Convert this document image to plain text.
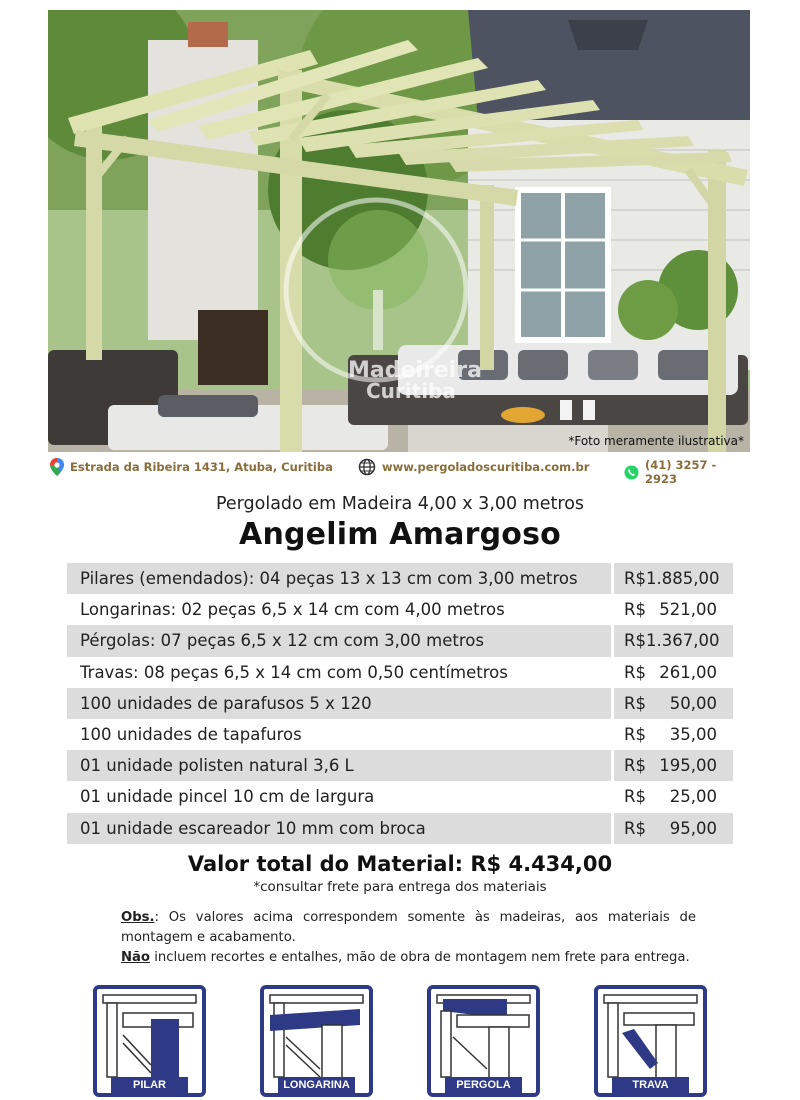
Madeireira
Curitiba
*Foto meramente ilustrativa*
Estrada da Ribeira 1431, Atuba, Curitiba	www.pergoladoscuritiba.com.br	(41) 3257 - 2923
Pergolado em Madeira 4,00 x 3,00 metros
Angelim Amargoso
Pilares (emendados): 04 peças 13 x 13 cm com 3,00 metros	R$ 1.885,00
Longarinas: 02 peças 6,5 x 14 cm com 4,00 metros	R$ 521,00
Pérgolas: 07 peças 6,5 x 12 cm com 3,00 metros	R$ 1.367,00
Travas: 08 peças 6,5 x 14 cm com 0,50 centímetros	R$ 261,00
100 unidades de parafusos 5 x 120	R$ 50,00
100 unidades de tapafuros	R$ 35,00
01 unidade polisten natural 3,6 L	R$ 195,00
01 unidade pincel 10 cm de largura	R$ 25,00
01 unidade escareador 10 mm com broca	R$ 95,00
Valor total do Material: R$ 4.434,00
*consultar frete para entrega dos materiais
Obs.: Os valores acima correspondem somente às madeiras, aos materiais de montagem e acabamento.
Não incluem recortes e entalhes, mão de obra de montagem nem frete para entrega.
PILAR	LONGARINA	PERGOLA	TRAVA
